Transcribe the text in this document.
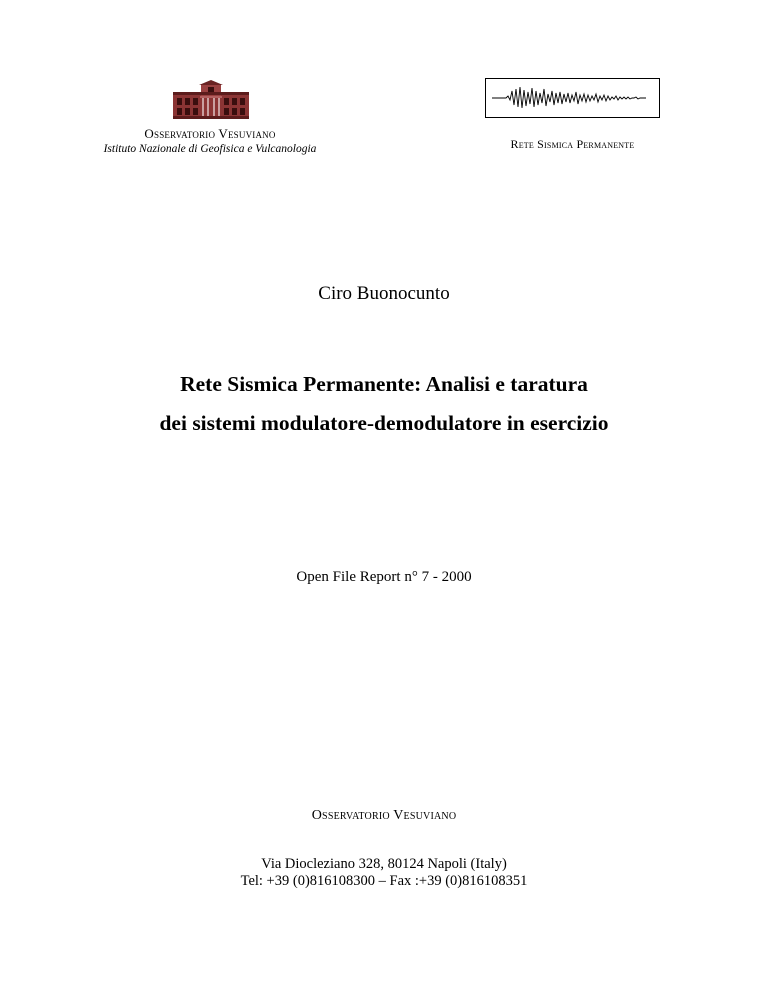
Osservatorio Vesuviano
Istituto Nazionale di Geofisica e Vulcanologia	Rete Sismica Permanente
Ciro Buonocunto
Rete Sismica Permanente: Analisi e taratura
dei sistemi modulatore-demodulatore in esercizio
Open File Report n° 7 - 2000
Osservatorio Vesuviano
Via Diocleziano 328, 80124 Napoli (Italy)
Tel: +39 (0)816108300 – Fax :+39 (0)816108351
